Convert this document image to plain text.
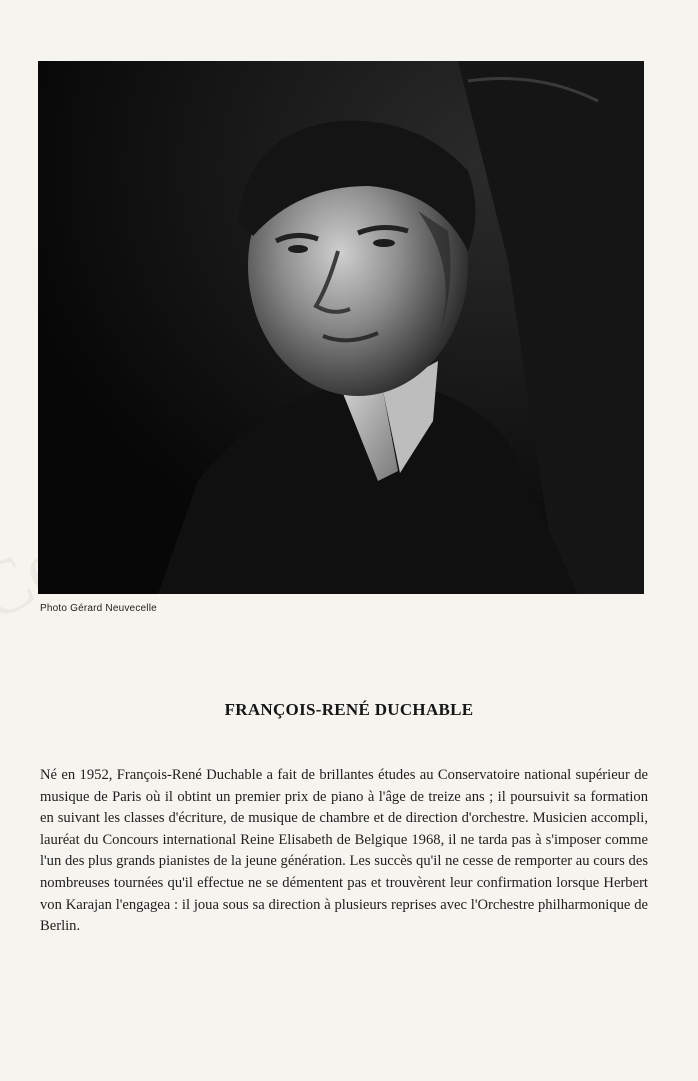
Photo Gérard Neuvecelle
FRANÇOIS-RENÉ DUCHABLE
Né en 1952, François-René Duchable a fait de brillantes études au Conservatoire national supérieur de musique de Paris où il obtint un premier prix de piano à l'âge de treize ans ; il poursuivit sa formation en suivant les classes d'écriture, de musique de chambre et de direction d'orchestre. Musicien accompli, lauréat du Concours international Reine Elisabeth de Belgique 1968, il ne tarda pas à s'imposer comme l'un des plus grands pianistes de la jeune génération. Les succès qu'il ne cesse de remporter au cours des nombreuses tournées qu'il effectue ne se démentent pas et trouvèrent leur confirmation lorsque Herbert von Karajan l'engagea : il joua sous sa direction à plusieurs reprises avec l'Orchestre philharmonique de Berlin.
